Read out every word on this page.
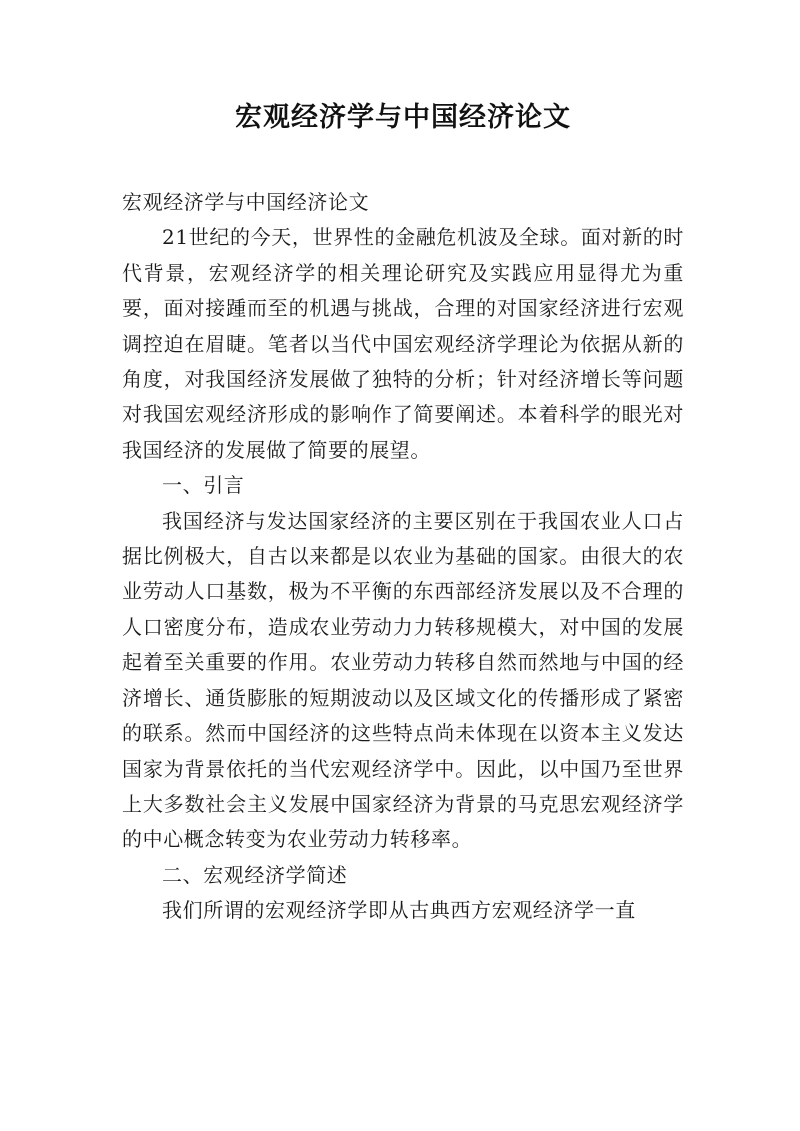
宏观经济学与中国经济论文

宏观经济学与中国经济论文

21世纪的今天，世界性的金融危机波及全球。面对新的时代背景，宏观经济学的相关理论研究及实践应用显得尤为重要，面对接踵而至的机遇与挑战，合理的对国家经济进行宏观调控迫在眉睫。笔者以当代中国宏观经济学理论为依据从新的角度，对我国经济发展做了独特的分析；针对经济增长等问题对我国宏观经济形成的影响作了简要阐述。本着科学的眼光对我国经济的发展做了简要的展望。

一、引言

我国经济与发达国家经济的主要区别在于我国农业人口占据比例极大，自古以来都是以农业为基础的国家。由很大的农业劳动人口基数，极为不平衡的东西部经济发展以及不合理的人口密度分布，造成农业劳动力力转移规模大，对中国的发展起着至关重要的作用。农业劳动力转移自然而然地与中国的经济增长、通货膨胀的短期波动以及区域文化的传播形成了紧密的联系。然而中国经济的这些特点尚未体现在以资本主义发达国家为背景依托的当代宏观经济学中。因此，以中国乃至世界上大多数社会主义发展中国家经济为背景的马克思宏观经济学的中心概念转变为农业劳动力转移率。

二、宏观经济学简述

我们所谓的宏观经济学即从古典西方宏观经济学一直
